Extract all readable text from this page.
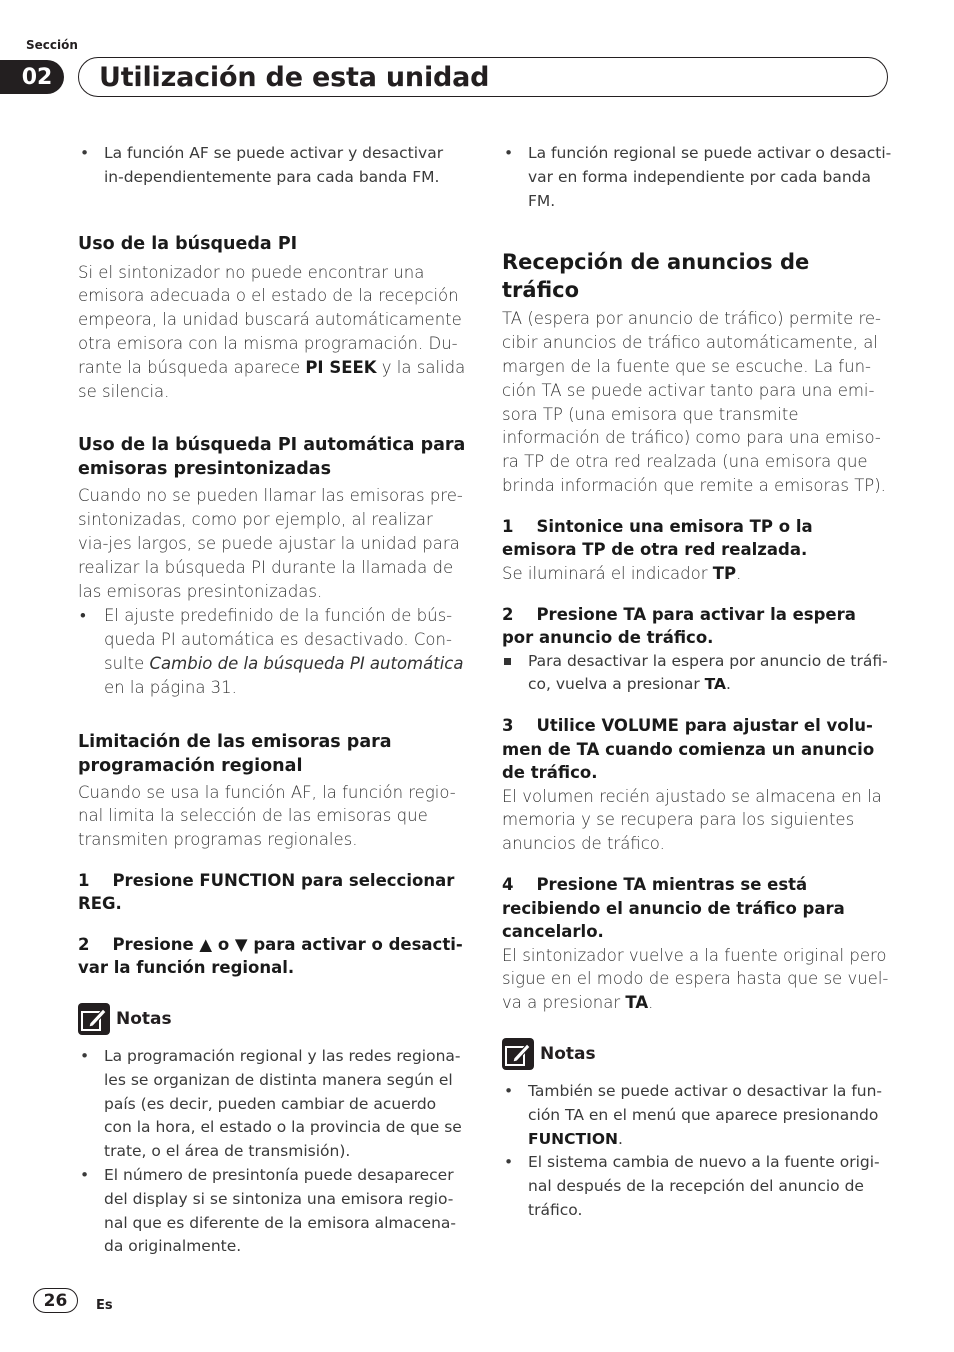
Sección
02	Utilización de esta unidad

• La función AF se puede activar y desactivar in-dependientemente para cada banda FM.

Uso de la búsqueda PI

Si el sintonizador no puede encontrar una emisora adecuada o el estado de la recepción empeora, la unidad buscará automáticamente otra emisora con la misma programación. Du-rante la búsqueda aparece PI SEEK y la salida se silencia.

Uso de la búsqueda PI automática para emisoras presintonizadas

Cuando no se pueden llamar las emisoras pre-sintonizadas, como por ejemplo, al realizar via-jes largos, se puede ajustar la unidad para realizar la búsqueda PI durante la llamada de las emisoras presintonizadas.

• El ajuste predefinido de la función de bús-queda PI automática es desactivado. Con-sulte Cambio de la búsqueda PI automática en la página 31.

Limitación de las emisoras para programación regional

Cuando se usa la función AF, la función regio-nal limita la selección de las emisoras que transmiten programas regionales.

1 Presione FUNCTION para seleccionar REG.

2 Presione ▲ o ▼ para activar o desacti-var la función regional.

Notas

• La programación regional y las redes regiona-les se organizan de distinta manera según el país (es decir, pueden cambiar de acuerdo con la hora, el estado o la provincia de que se trate, o el área de transmisión).

• El número de presintonía puede desaparecer del display si se sintoniza una emisora regio-nal que es diferente de la emisora almacena-da originalmente.

• La función regional se puede activar o desacti-var en forma independiente por cada banda FM.

Recepción de anuncios de tráfico

TA (espera por anuncio de tráfico) permite re-cibir anuncios de tráfico automáticamente, al margen de la fuente que se escuche. La fun-ción TA se puede activar tanto para una emi-sora TP (una emisora que transmite información de tráfico) como para una emiso-ra TP de otra red realzada (una emisora que brinda información que remite a emisoras TP).

1 Sintonice una emisora TP o la emisora TP de otra red realzada.

Se iluminará el indicador TP.

2 Presione TA para activar la espera por anuncio de tráfico.

Para desactivar la espera por anuncio de tráfi-co, vuelva a presionar TA.

3 Utilice VOLUME para ajustar el volu-men de TA cuando comienza un anuncio de tráfico.

El volumen recién ajustado se almacena en la memoria y se recupera para los siguientes anuncios de tráfico.

4 Presione TA mientras se está recibiendo el anuncio de tráfico para cancelarlo.

El sintonizador vuelve a la fuente original pero sigue en el modo de espera hasta que se vuel-va a presionar TA.

Notas

• También se puede activar o desactivar la fun-ción TA en el menú que aparece presionando FUNCTION.

• El sistema cambia de nuevo a la fuente origi-nal después de la recepción del anuncio de tráfico.

26	Es
